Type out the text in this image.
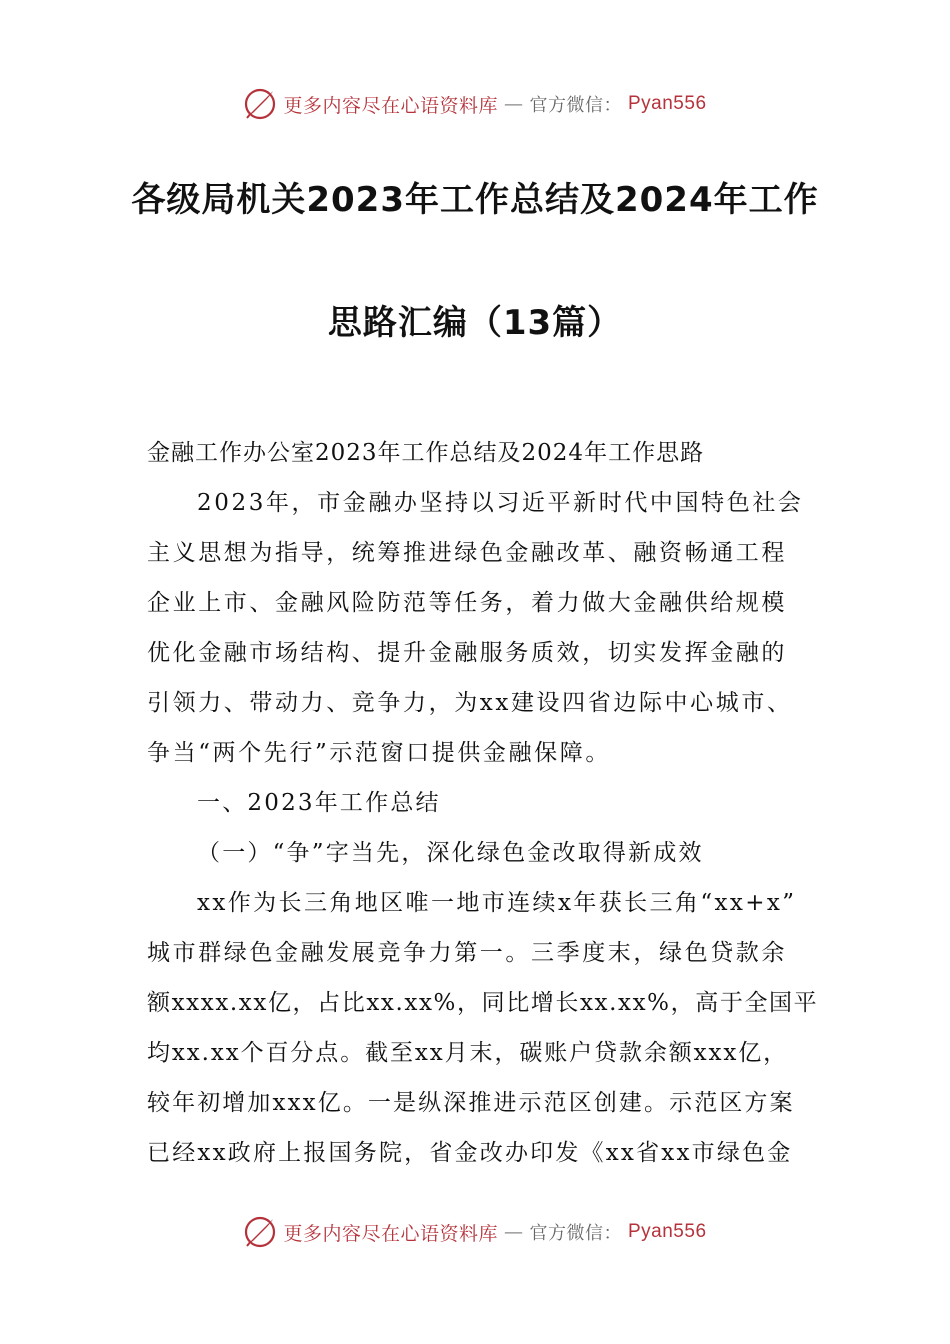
更多内容尽在心语资料库 — 官方微信： Pyan556
各级局机关2023年工作总结及2024年工作
思路汇编（13篇）
金融工作办公室2023年工作总结及2024年工作思路
2023年，市金融办坚持以习近平新时代中国特色社会
主义思想为指导，统筹推进绿色金融改革、融资畅通工程
企业上市、金融风险防范等任务，着力做大金融供给规模
优化金融市场结构、提升金融服务质效，切实发挥金融的
引领力、带动力、竞争力，为xx建设四省边际中心城市、
争当“两个先行”示范窗口提供金融保障。
一、2023年工作总结
（一）“争”字当先，深化绿色金改取得新成效
xx作为长三角地区唯一地市连续x年获长三角“xx+x”
城市群绿色金融发展竞争力第一。三季度末，绿色贷款余
额xxxx.xx亿，占比xx.xx%，同比增长xx.xx%，高于全国平
均xx.xx个百分点。截至xx月末，碳账户贷款余额xxx亿，
较年初增加xxx亿。一是纵深推进示范区创建。示范区方案
已经xx政府上报国务院，省金改办印发《xx省xx市绿色金
更多内容尽在心语资料库 — 官方微信： Pyan556
